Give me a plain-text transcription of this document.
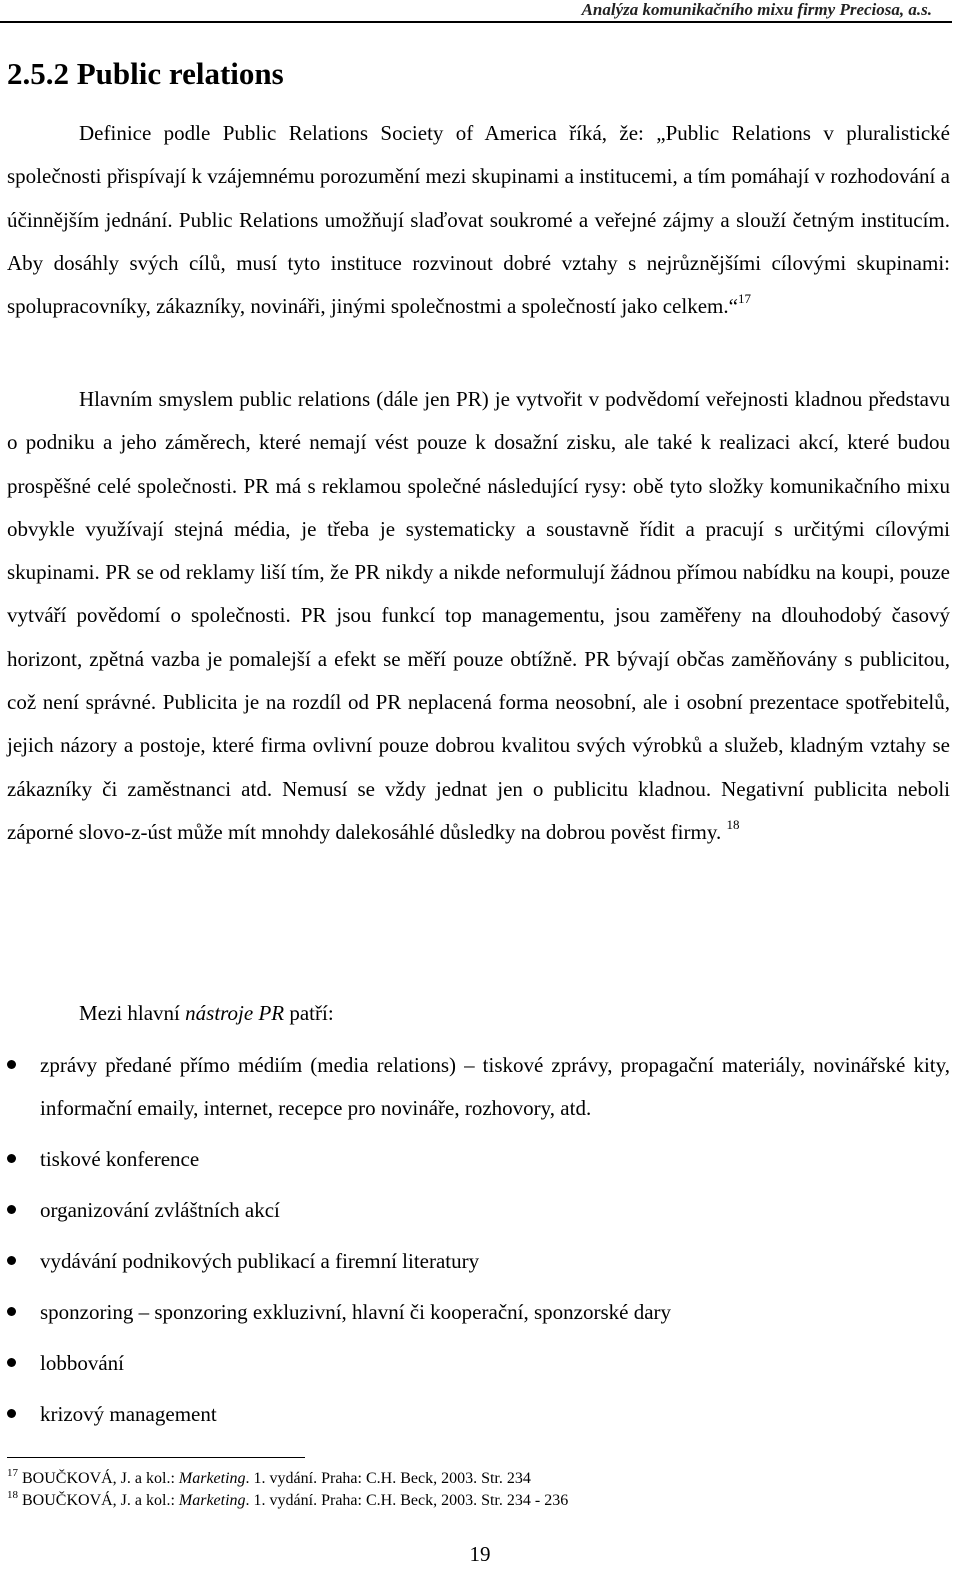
Analýza komunikačního mixu firmy Preciosa, a.s.
2.5.2 Public relations

Definice podle Public Relations Society of America říká, že: „Public Relations v pluralistické společnosti přispívají k vzájemnému porozumění mezi skupinami a institucemi, a tím pomáhají v rozhodování a účinnějším jednání. Public Relations umožňují slaďovat soukromé a veřejné zájmy a slouží četným institucím. Aby dosáhly svých cílů, musí tyto instituce rozvinout dobré vztahy s nejrůznějšími cílovými skupinami: spolupracovníky, zákazníky, novináři, jinými společnostmi a společností jako celkem.“$^{17}$

Hlavním smyslem public relations (dále jen PR) je vytvořit v podvědomí veřejnosti kladnou představu o podniku a jeho záměrech, které nemají vést pouze k dosažní zisku, ale také k realizaci akcí, které budou prospěšné celé společnosti. PR má s reklamou společné následující rysy: obě tyto složky komunikačního mixu obvykle využívají stejná média, je třeba je systematicky a soustavně řídit a pracují s určitými cílovými skupinami. PR se od reklamy liší tím, že PR nikdy a nikde neformulují žádnou přímou nabídku na koupi, pouze vytváří povědomí o společnosti. PR jsou funkcí top managementu, jsou zaměřeny na dlouhodobý časový horizont, zpětná vazba je pomalejší a efekt se měří pouze obtížně. PR bývají občas zaměňovány s publicitou, což není správné. Publicita je na rozdíl od PR neplacená forma neosobní, ale i osobní prezentace spotřebitelů, jejich názory a postoje, které firma ovlivní pouze dobrou kvalitou svých výrobků a služeb, kladným vztahy se zákazníky či zaměstnanci atd. Nemusí se vždy jednat jen o publicitu kladnou. Negativní publicita neboli záporné slovo-z-úst může mít mnohdy dalekosáhlé důsledky na dobrou pověst firmy. $^{18}$

Mezi hlavní nástroje PR patří:

zprávy předané přímo médiím (media relations) – tiskové zprávy, propagační materiály, novinářské kity, informační emaily, internet, recepce pro novináře, rozhovory, atd.
tiskové konference
organizování zvláštních akcí
vydávání podnikových publikací a firemní literatury
sponzoring – sponzoring exkluzivní, hlavní či kooperační, sponzorské dary
lobbování
krizový management
$^{17}$ BOUČKOVÁ, J. a kol.: Marketing. 1. vydání. Praha: C.H. Beck, 2003. Str. 234
$^{18}$ BOUČKOVÁ, J. a kol.: Marketing. 1. vydání. Praha: C.H. Beck, 2003. Str. 234 - 236
19
